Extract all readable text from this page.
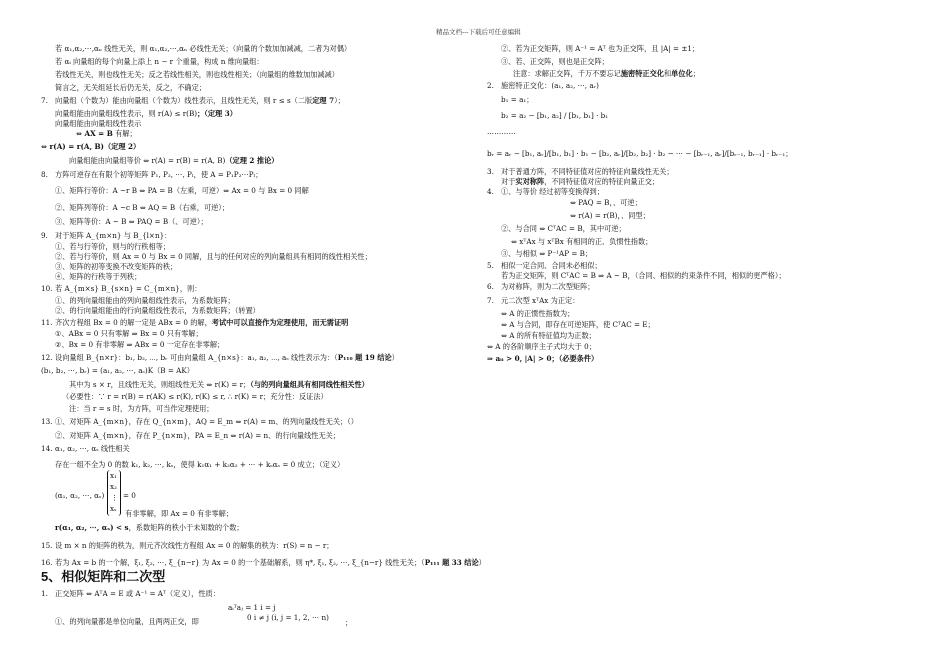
精品文档---下载后可任意编辑
若 α₁,α₂,⋯,αₙ 线性无关，则 α₁,α₂,⋯,αₙ 必线性无关；（向量的个数加加减减，二者为对偶）
若 αᵢ 向量组的每个向量上添上 n − r 个重量，构成 n 维向量组：
若线性无关，则也线性无关；反之若线性相关，则也线性相关；（向量组的维数加加减减）
简言之，无关组延长后仍无关，反之，不确定；
7. 向量组（个数为）能由向量组（个数为）线性表示，且线性无关，则 r ≤ s（二版定理 7）；
向量组能由向量组线性表示，则 r(A) ≤ r(B)；（定理 3）
向量组能由向量组线性表示
⇔ AX = B 有解；
⇔ r(A) = r(A, B)（定理 2）
向量组能由向量组等价 ⇔ r(A) = r(B) = r(A, B)（定理 2 推论）
8. 方阵可逆存在有限个初等矩阵 P₁, P₂, ⋯, Pₗ，使 A = P₁P₂⋯Pₗ；
①、矩阵行等价：A ~r B ⇔ PA = B（左乘，可逆）⇔ Ax = 0 与 Bx = 0 同解
②、矩阵列等价：A ~c B ⇔ AQ = B（右乘，可逆）；
③、矩阵等价：A ~ B ⇔ PAQ = B（、可逆）；
9. 对于矩阵 A_{m×n} 与 B_{l×n}：
①、若与行等价，则与的行秩相等；
②、若与行等价，则 Ax = 0 与 Bx = 0 同解，且与的任何对应的列向量组具有相同的线性相关性；
③、矩阵的初等变换不改变矩阵的秩；
④、矩阵的行秩等于列秩；
10. 若 A_{m×s} B_{s×n} = C_{m×n}，则：
①、的列向量组能由的列向量组线性表示，为系数矩阵；
②、的行向量组能由的行向量组线性表示，为系数矩阵；（转置）
11. 齐次方程组 Bx = 0 的解一定是 ABx = 0 的解，考试中可以直接作为定理使用，而无需证明
①、ABx = 0 只有零解 ⇒ Bx = 0 只有零解；
②、Bx = 0 有非零解 ⇒ ABx = 0 一定存在非零解；
12. 设向量组 B_{n×r}：b₁, b₂, ⋯, bᵣ 可由向量组 A_{n×s}：a₁, a₂, ⋯, aₛ 线性表示为：（P₁₁₀ 题 19 结论）
(b₁, b₂, ⋯, bᵣ) = (a₁, a₂, ⋯, aₛ)K（B = AK）
其中为 s × r，且线性无关，则组线性无关 ⇔ r(K) = r；（与的列向量组具有相同线性相关性）
（必要性：∵ r = r(B) = r(AK) ≤ r(K), r(K) ≤ r, ∴ r(K) = r；充分性：反证法）
注：当 r = s 时，为方阵，可当作定理使用；
13. ①、对矩阵 A_{m×n}，存在 Q_{n×m}，AQ = E_m ⇔ r(A) = m、的列向量线性无关；（）
②、对矩阵 A_{m×n}，存在 P_{n×m}，PA = E_n ⇔ r(A) = n、的行向量线性无关；
14. α₁, α₂, ⋯, αₛ 线性相关
存在一组不全为 0 的数 k₁, k₂, ⋯, kₛ，使得 k₁α₁ + k₂α₂ + ⋯ + kₛαₛ = 0 成立；（定义）
(α₁, α₂, ⋯, αₛ)
x₁
x₂
⋮
xₛ
= 0
有非零解，即 Ax = 0 有非零解；
r(α₁, α₂, ⋯, αₛ) < s，系数矩阵的秩小于未知数的个数；
15. 设 m × n 的矩阵的秩为，则元齐次线性方程组 Ax = 0 的解集的秩为：r(S) = n − r；
16. 若为 Ax = b 的一个解，ξ₁, ξ₂, ⋯, ξ_{n−r} 为 Ax = 0 的一个基础解系，则 η*, ξ₁, ξ₂, ⋯, ξ_{n−r} 线性无关；（P₁₁₁ 题 33 结论）
5、相似矩阵和二次型
1. 正交矩阵 ⇔ AᵀA = E 或 A⁻¹ = Aᵀ（定义），性质：
aᵢᵀaⱼ = 1 i = j
0 i ≠ j (i, j = 1, 2, ⋯ n)
①、的列向量都是单位向量，且两两正交，即	；
②、若为正交矩阵，则 A⁻¹ = Aᵀ 也为正交阵，且 |A| = ±1；
③、若、正交阵，则也是正交阵；
注意：求解正交阵，千万不要忘记施密特正交化和单位化；
2. 施密特正交化：(a₁, a₂, ⋯, aᵣ)
b₁ = a₁；
b₂ = a₂ − [b₁, a₂] / [b₁, b₁] · b₁
⋯⋯⋯⋯
bᵣ = aᵣ − [b₁, aᵣ]/[b₁, b₁] · b₁ − [b₂, aᵣ]/[b₂, b₂] · b₂ − ⋯ − [bᵣ₋₁, aᵣ]/[bᵣ₋₁, bᵣ₋₁] · bᵣ₋₁；
3. 对于普通方阵，不同特征值对应的特征向量线性无关；
对于实对称阵，不同特征值对应的特征向量正交；
4. ①、与等价 经过初等变换得到；
⇔ PAQ = B，、可逆；
⇔ r(A) = r(B)，、同型；
②、与合同 ⇔ CᵀAC = B，其中可逆；
⇔ xᵀAx 与 xᵀBx 有相同的正、负惯性指数；
③、与相似 ⇔ P⁻¹AP = B；
5. 相似一定合同、合同未必相似；
若为正交矩阵，则 CᵀAC = B ⇒ A ~ B，（合同、相似的约束条件不同，相似的更严格）；
6. 为对称阵，则为二次型矩阵；
7. 元二次型 xᵀAx 为正定：
⇔ A 的正惯性指数为；
⇔ A 与合同，即存在可逆矩阵，使 CᵀAC = E；
⇔ A 的所有特征值均为正数；
⇔ A 的各阶顺序主子式均大于 0；
⇒ aᵢᵢ > 0, |A| > 0；（必要条件）
